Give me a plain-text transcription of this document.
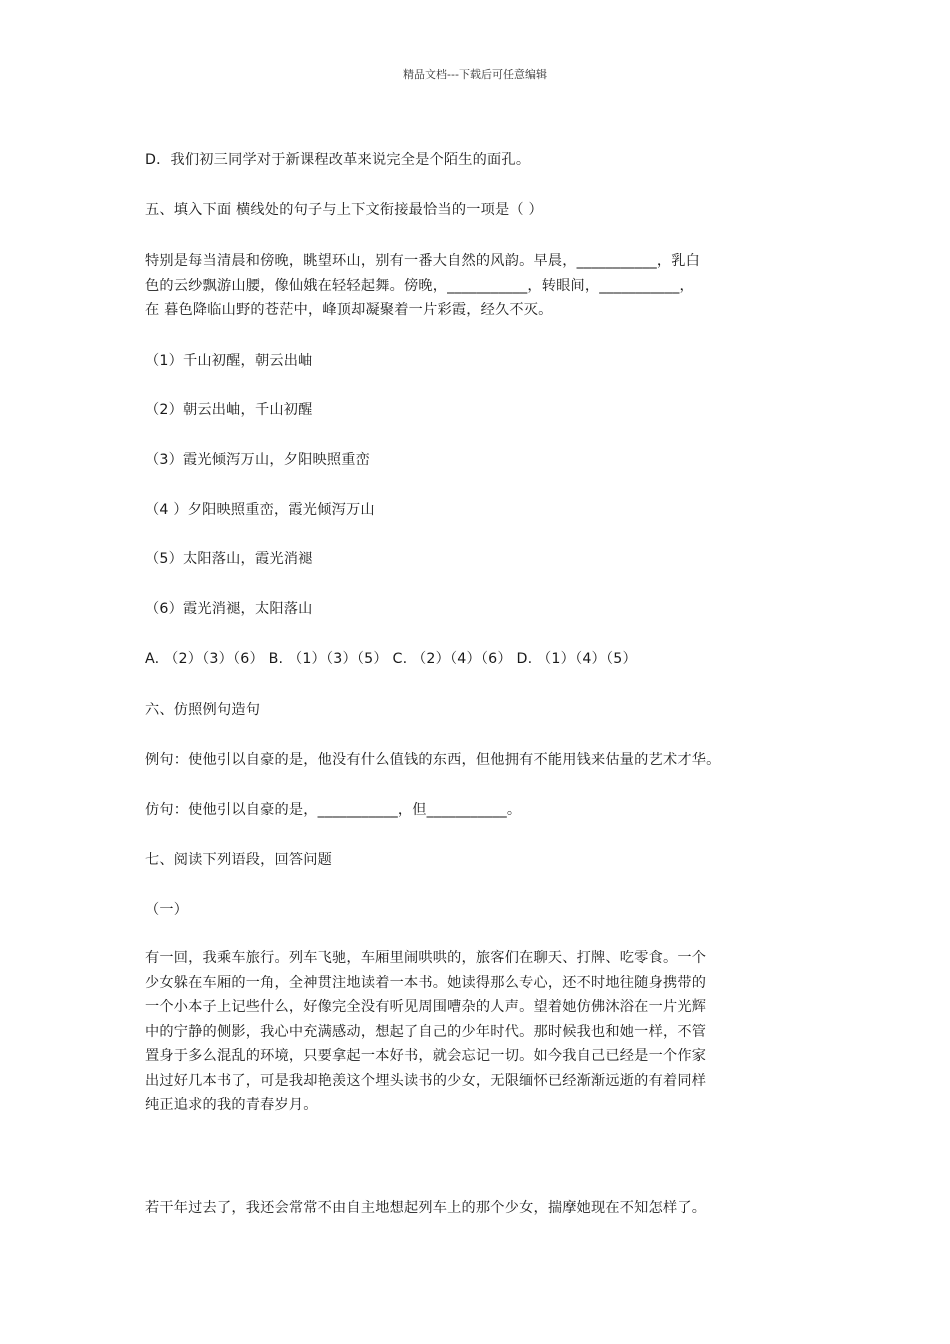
精品文档---下载后可任意编辑
D．我们初三同学对于新课程改革来说完全是个陌生的面孔。
五、填入下面 横线处的句子与上下文衔接最恰当的一项是（ ）
特别是每当清晨和傍晚，眺望环山，别有一番大自然的风韵。早晨，___________，乳白
色的云纱飘游山腰，像仙娥在轻轻起舞。傍晚，___________，转眼间，___________，
在 暮色降临山野的苍茫中，峰顶却凝聚着一片彩霞，经久不灭。
（1）千山初醒，朝云出岫
（2）朝云出岫，千山初醒
（3）霞光倾泻万山，夕阳映照重峦
（4 ）夕阳映照重峦，霞光倾泻万山
（5）太阳落山，霞光消褪
（6）霞光消褪，太阳落山
A. （2）（3）（6） B. （1）（3）（5） C. （2）（4）（6） D. （1）（4）（5）
六、仿照例句造句
例句：使他引以自豪的是，他没有什么值钱的东西，但他拥有不能用钱来估量的艺术才华。
仿句：使他引以自豪的是，___________，但___________。
七、阅读下列语段，回答问题
（一）
有一回，我乘车旅行。列车飞驰，车厢里闹哄哄的，旅客们在聊天、打牌、吃零食。一个
少女躲在车厢的一角，全神贯注地读着一本书。她读得那么专心，还不时地往随身携带的
一个小本子上记些什么，好像完全没有听见周围嘈杂的人声。望着她仿佛沐浴在一片光辉
中的宁静的侧影，我心中充满感动，想起了自己的少年时代。那时候我也和她一样，不管
置身于多么混乱的环境，只要拿起一本好书，就会忘记一切。如今我自己已经是一个作家
出过好几本书了，可是我却艳羡这个埋头读书的少女，无限缅怀已经渐渐远逝的有着同样
纯正追求的我的青春岁月。
若干年过去了，我还会常常不由自主地想起列车上的那个少女，揣摩她现在不知怎样了。
